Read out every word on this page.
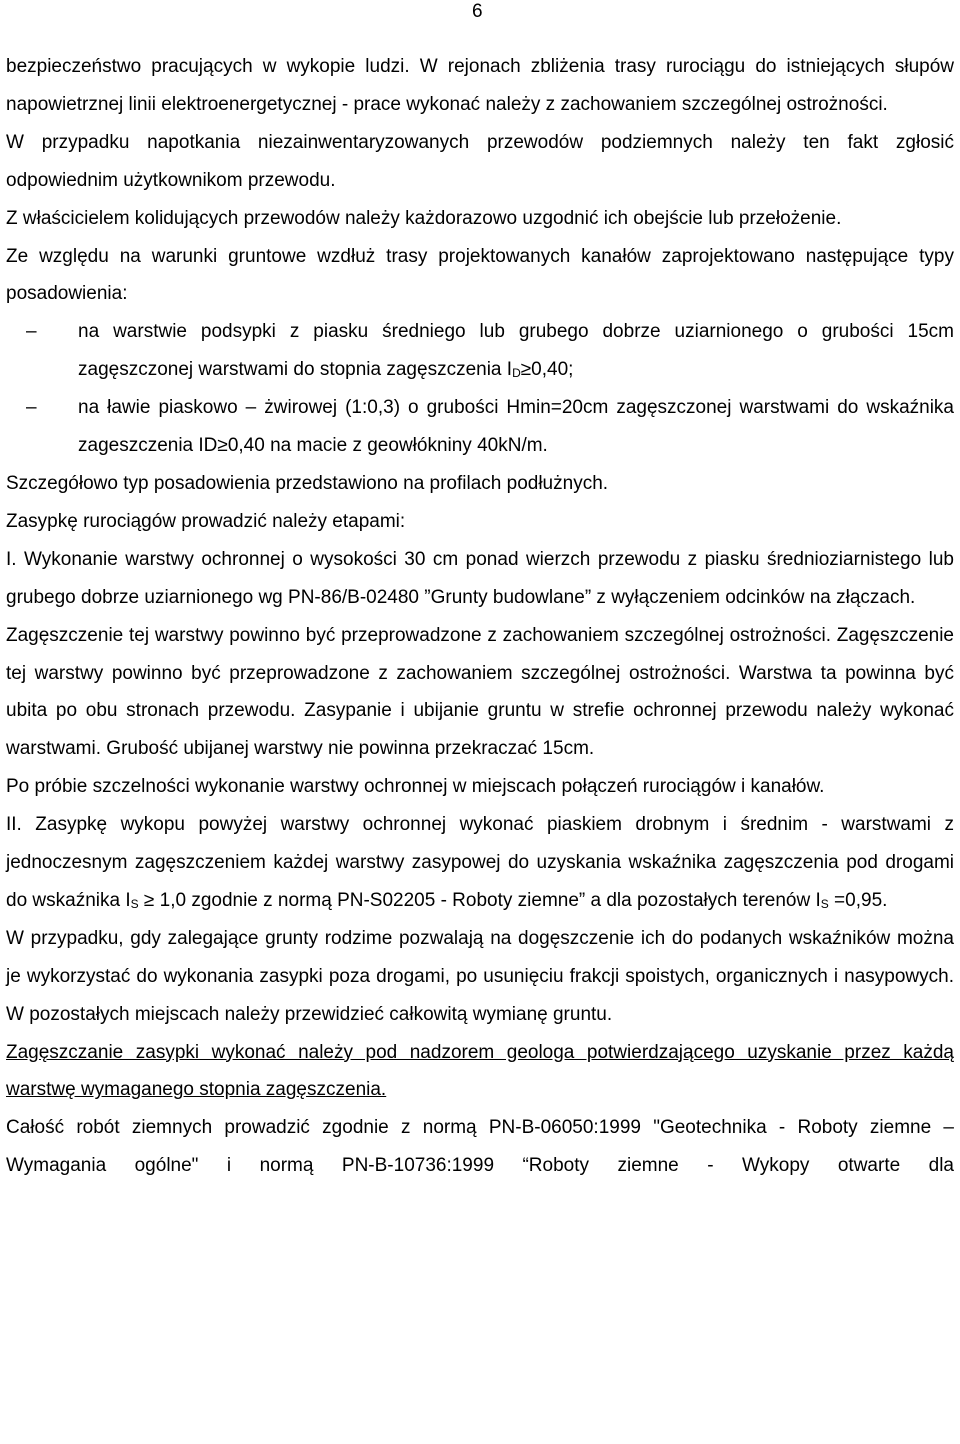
6

bezpieczeństwo pracujących w wykopie ludzi. W rejonach zbliżenia trasy rurociągu do istniejących słupów napowietrznej linii elektroenergetycznej - prace wykonać należy z zachowaniem szczególnej ostrożności.

W przypadku napotkania niezainwentaryzowanych przewodów podziemnych należy ten fakt zgłosić odpowiednim użytkownikom przewodu.

Z właścicielem kolidujących przewodów należy każdorazowo uzgodnić ich obejście lub przełożenie.

Ze względu na warunki gruntowe wzdłuż trasy projektowanych kanałów zaprojektowano następujące typy posadowienia:

– na warstwie podsypki z piasku średniego lub grubego dobrze uziarnionego o grubości 15cm zagęszczonej warstwami do stopnia zagęszczenia $I_D\ge 0,40$;
– na ławie piaskowo – żwirowej (1:0,3) o grubości Hmin=20cm zagęszczonej warstwami do wskaźnika zageszczenia ID≥0,40 na macie z geowłókniny 40kN/m.

Szczegółowo typ posadowienia przedstawiono na profilach podłużnych.

Zasypkę rurociągów prowadzić należy etapami:

I. Wykonanie warstwy ochronnej o wysokości 30 cm ponad wierzch przewodu z piasku średnioziarnistego lub grubego dobrze uziarnionego wg PN-86/B-02480 ”Grunty budowlane” z wyłączeniem odcinków na złączach.

Zagęszczenie tej warstwy powinno być przeprowadzone z zachowaniem szczególnej ostrożności. Zagęszczenie tej warstwy powinno być przeprowadzone z zachowaniem szczególnej ostrożności. Warstwa ta powinna być ubita po obu stronach przewodu. Zasypanie i ubijanie gruntu w strefie ochronnej przewodu należy wykonać warstwami. Grubość ubijanej warstwy nie powinna przekraczać 15cm.

Po próbie szczelności wykonanie warstwy ochronnej w miejscach połączeń rurociągów i kanałów.

II. Zasypkę wykopu powyżej warstwy ochronnej wykonać piaskiem drobnym i średnim - warstwami z jednoczesnym zagęszczeniem każdej warstwy zasypowej do uzyskania wskaźnika zagęszczenia pod drogami do wskaźnika $I_S \ge 1,0$ zgodnie z normą PN-S02205 - Roboty ziemne” a dla pozostałych terenów $I_S =0,95$.

W przypadku, gdy zalegające grunty rodzime pozwalają na dogęszczenie ich do podanych wskaźników można je wykorzystać do wykonania zasypki poza drogami, po usunięciu frakcji spoistych, organicznych i nasypowych. W pozostałych miejscach należy przewidzieć całkowitą wymianę gruntu.

Zagęszczanie zasypki wykonać należy pod nadzorem geologa potwierdzającego uzyskanie przez każdą warstwę wymaganego stopnia zagęszczenia.

Całość robót ziemnych prowadzić zgodnie z normą PN-B-06050:1999 "Geotechnika - Roboty ziemne – Wymagania ogólne" i normą PN-B-10736:1999 “Roboty ziemne - Wykopy otwarte dla
